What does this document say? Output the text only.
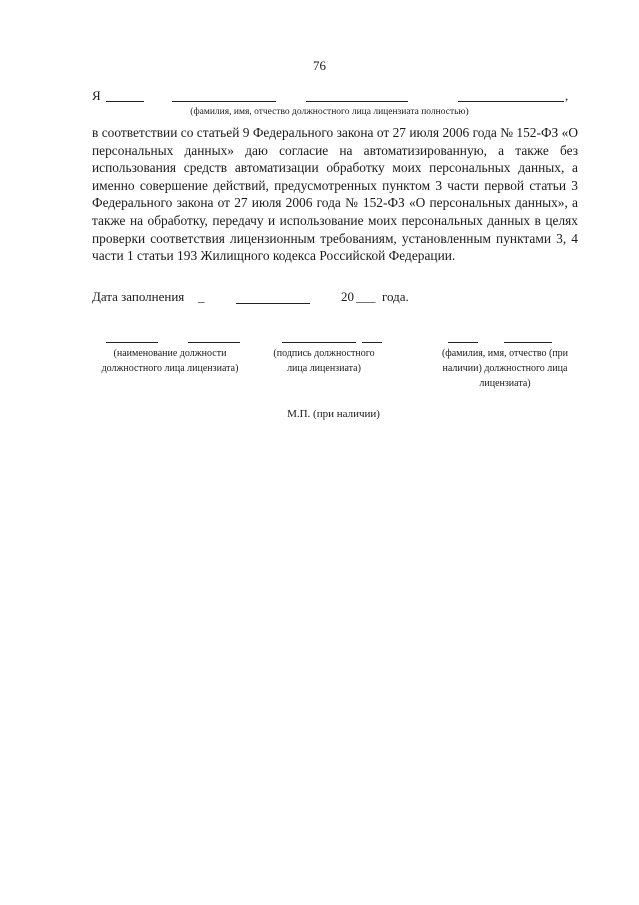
76
Я	,
(фамилия, имя, отчество должностного лица лицензиата полностью)
в соответствии со статьей 9 Федерального закона от 27 июля 2006 года № 152-ФЗ «О персональных данных» даю согласие на автоматизированную, а также без использования средств автоматизации обработку моих персональных данных, а именно совершение действий, предусмотренных пунктом 3 части первой статьи 3 Федерального закона от 27 июля 2006 года № 152-ФЗ «О персональных данных», а также на обработку, передачу и использование моих персональных данных в целях проверки соответствия лицензионным требованиям, установленным пунктами 3, 4 части 1 статьи 193 Жилищного кодекса Российской Федерации.
Дата заполнения _	20 ___ года.
(наименование должности должностного лица лицензиата)
(подпись должностного лица лицензиата)
(фамилия, имя, отчество (при наличии) должностного лица лицензиата)
М.П. (при наличии)
